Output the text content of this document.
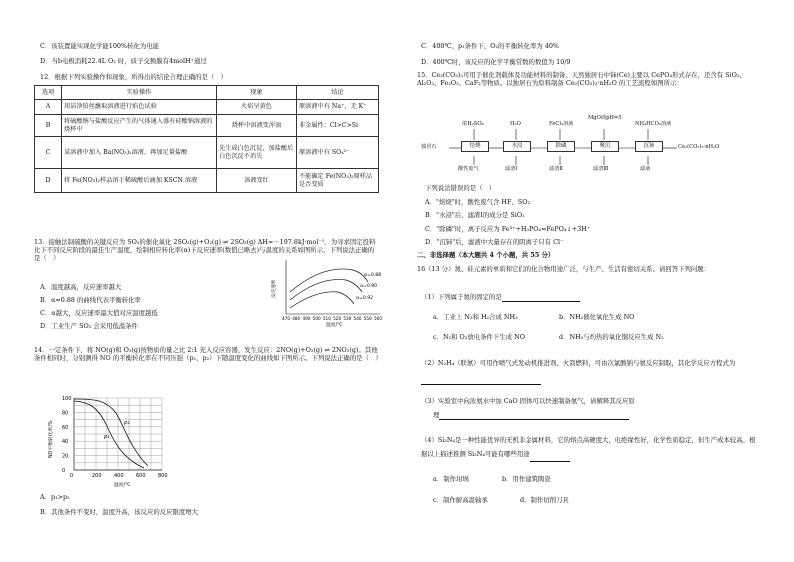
C．该装置能实现化学能100%转化为电能
D．当b电极消耗22.4L O₂ 时，质子交换膜有4molH⁺通过
12．根据下列实验操作和现象，所得出的结论合理正确的是（　）
选项	实验操作	现象	结论
A	用洁净铂丝蘸取溶液进行焰色试验	火焰呈黄色	原溶液中有 Na⁺，无 K⁺
B	将硫酸钠与盐酸反应产生的气体通入盛有硅酸钠溶液的烧杯中	烧杯中溶液变浑浊	非金属性：Cl>C>Si
C	某溶液中加入 Ba(NO₃)₂溶液，再加足量盐酸	先生成白色沉淀，加盐酸后白色沉淀不消失	原溶液中有 SO₄²⁻
D	将 Fe(NO₃)₂样品溶于稀硫酸后滴加 KSCN 溶液	溶液变红	不能确定 Fe(NO₃)₂原样品是否变质
13．接触法制硫酸的关键反应为 SO₂的催化氧化 2SO₂(g)+O₂(g) ⇌ 2SO₃(g) ΔH=－197.8kJ·mol⁻¹，为寻求固定投料比下不同反应阶段的最佳生产温度，绘制相应转化率(α)下反应速率(数值已略去)与温度的关系如图所示，下列说法正确的是（　）
A．温度越高，反应速率越大
B．α=0.88 的曲线代表平衡转化率
C．α越大，反应速率最大值对应温度越低
D．工业生产 SO₂ 会采用低温条件
α=0.88
α=0.90
α=0.92
反应速率
470 480 490 500 510 520 530 540 550 560
温度/℃
14．一定条件下，将 NO(g)和 O₂(g)按物质的量之比 2:1 充入反应容器，发生反应：2NO(g)+O₂(g) ⇌ 2NO₂(g)。其他条件相同时，分别测得 NO 的平衡转化率在不同压强（p₁，p₂）下随温度变化的曲线如下图所示。下列说法正确的是（　）
0
20
40
60
80
100
0	200 400 600 800
p₁
p₂
NO平衡转化率/%
温度/℃
A．p₁>p₂
B．其他条件不变时，温度升高，该反应的反应限度增大
C．400℃、p₁条件下，O₂的平衡转化率为 40%
D．400℃时，该反应的化学平衡常数的数值为 10/9
15．Ce₂(CO₃)₃可用于催化剂载体及功能材料的制备。天然独居石中铈(Ce)主要以 CePO₄形式存在，还含有 SiO₂、Al₂O₃、Fe₂O₃、CaF₂等物质。以独居石为原料制备 Ce₂(CO₃)₃·nH₂O 的工艺流程如图所示：
独居石	焙烧	水浸	除磷	聚沉	沉铈	Ce₂(CO₃)₃·nH₂O
浓H₂SO₄	H₂O	FeCl₃溶液
MgO调pH=5
NH₄HCO₃溶液
酸性废气	滤渣Ⅰ	滤渣Ⅱ	滤渣Ⅲ	滤液
下列说法错误的是（　）
A．"焙烧"时，酸性废气含 HF、SO₂
B．"水浸"后，滤渣Ⅰ的成分是 SiO₂
C．"除磷"时，离子反应为 Fe³⁺+H₃PO₄=FePO₄↓+3H⁺
D．"沉铈"后，滤液中大量存在的阴离子只有 Cl⁻
二、非选择题（本大题共 4 个小题，共 55 分）
16（13 分）氮、硅元素的单质和它们的化合物用途广泛，与生产、生活有密切关系。请回答下列问题：
（1）下列属于氮的固定的是
a．工业上 N₂和 H₂合成 NH₃	b．NH₃催化氧化生成 NO
c．N₂和 O₂放电条件下生成 NO	d．NH₃与灼热的氧化铜反应生成 N₂
（2）N₂H₄（联氨）可用作喷气式发动机推进剂、火箭燃料，可由次氯酸钠与氨反应制取，其化学反应方程式为
（3）实验室中向浓氨水中加 CaO 固体可以快速制备氨气，请解释其反应原
理
（4）Si₃N₄是一种性能优异的无机非金属材料，它的熔点高硬度大，电绝缘性好，化学性质稳定，但生产成本较高。根据以上描述推测 Si₃N₄可能有哪些用途
a．制作坩埚	b．用作建筑陶瓷
c．制作耐高温轴承	d．制作切削刀具
